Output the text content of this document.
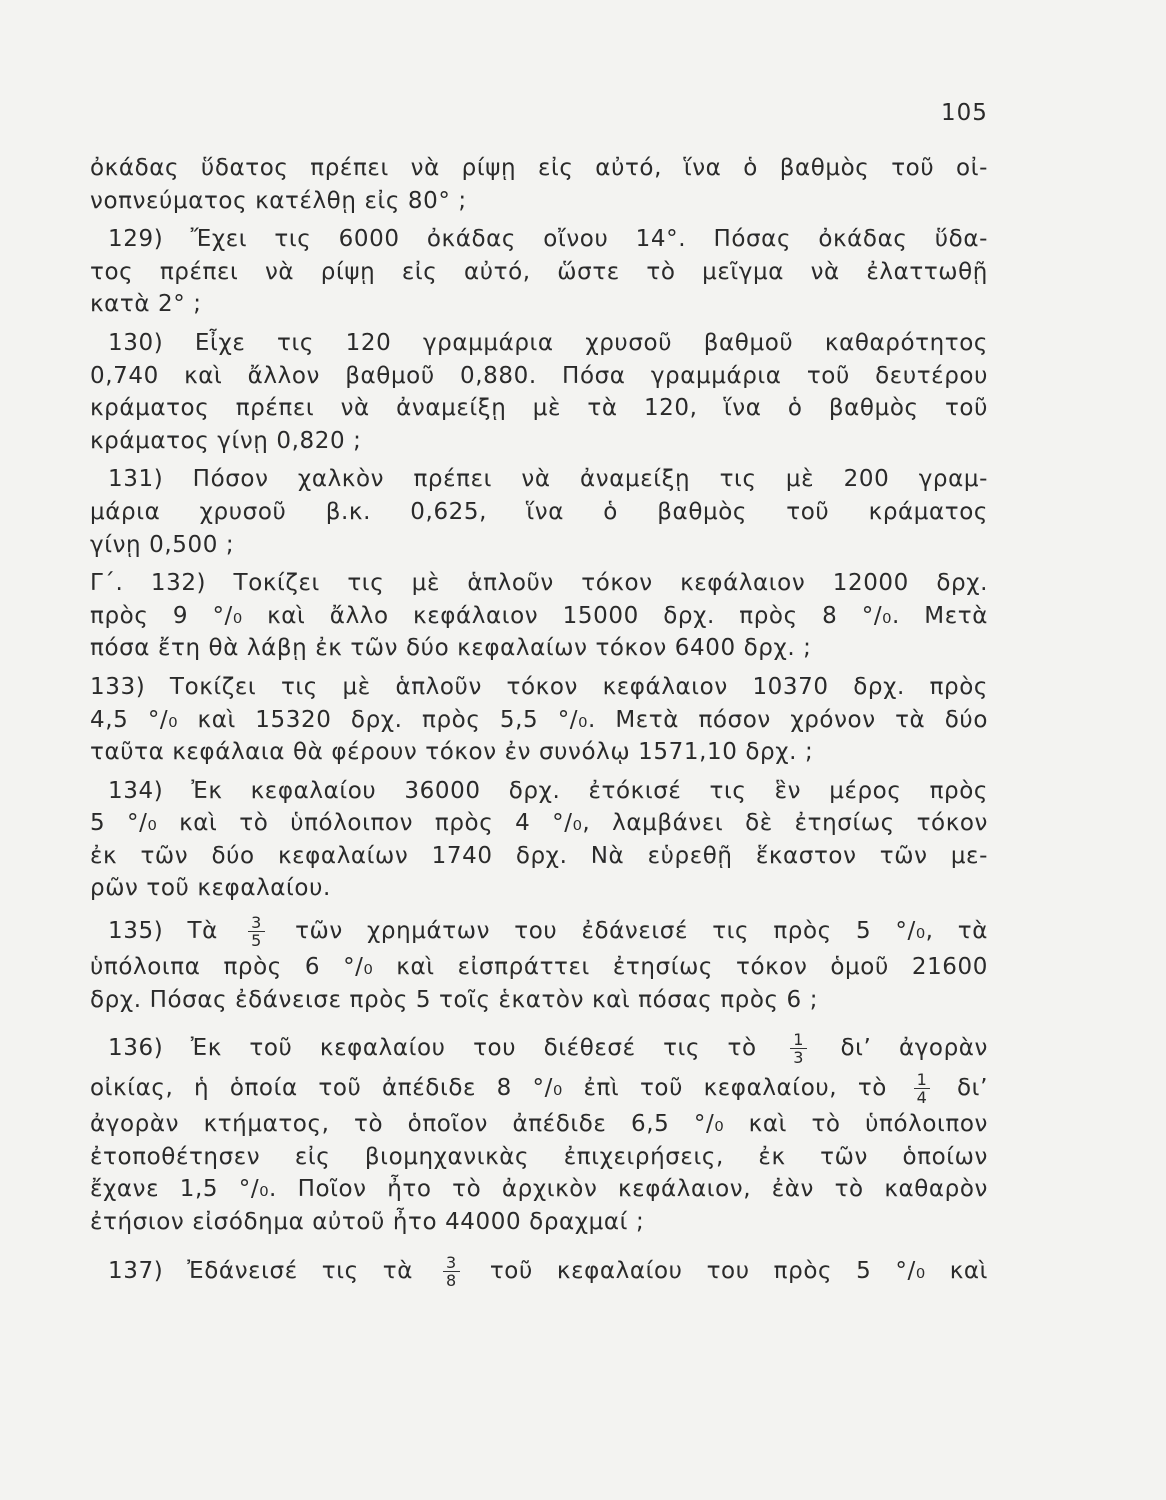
105
ὀκάδας ὕδατος πρέπει νὰ ρίψῃ εἰς αὐτό, ἵνα ὁ βαθμὸς τοῦ οἰ-
νοπνεύματος κατέλθῃ εἰς 80° ;
129) Ἔχει τις 6000 ὀκάδας οἴνου 14°. Πόσας ὀκάδας ὕδα-
τος πρέπει νὰ ρίψῃ εἰς αὐτό, ὥστε τὸ μεῖγμα νὰ ἐλαττωθῇ
κατὰ 2° ;
130) Εἶχε τις 120 γραμμάρια χρυσοῦ βαθμοῦ καθαρότητος
0,740 καὶ ἄλλον βαθμοῦ 0,880. Πόσα γραμμάρια τοῦ δευτέρου
κράματος πρέπει νὰ ἀναμείξῃ μὲ τὰ 120, ἵνα ὁ βαθμὸς τοῦ
κράματος γίνῃ 0,820 ;
131) Πόσον χαλκὸν πρέπει νὰ ἀναμείξῃ τις μὲ 200 γραμ-
μάρια χρυσοῦ β.κ. 0,625, ἵνα ὁ βαθμὸς τοῦ κράματος
γίνῃ 0,500 ;
Γ΄. 132) Τοκίζει τις μὲ ἁπλοῦν τόκον κεφάλαιον 12000 δρχ.
πρὸς 9 °/₀ καὶ ἄλλο κεφάλαιον 15000 δρχ. πρὸς 8 °/₀. Μετὰ
πόσα ἔτη θὰ λάβῃ ἐκ τῶν δύο κεφαλαίων τόκον 6400 δρχ. ;
133) Τοκίζει τις μὲ ἁπλοῦν τόκον κεφάλαιον 10370 δρχ. πρὸς
4,5 °/₀ καὶ 15320 δρχ. πρὸς 5,5 °/₀. Μετὰ πόσον χρόνον τὰ δύο
ταῦτα κεφάλαια θὰ φέρουν τόκον ἐν συνόλῳ 1571,10 δρχ. ;
134) Ἐκ κεφαλαίου 36000 δρχ. ἐτόκισέ τις ἓν μέρος πρὸς
5 °/₀ καὶ τὸ ὑπόλοιπον πρὸς 4 °/₀, λαμβάνει δὲ ἐτησίως τόκον
ἐκ τῶν δύο κεφαλαίων 1740 δρχ. Νὰ εὑρεθῇ ἕκαστον τῶν με-
ρῶν τοῦ κεφαλαίου.
135) Τὰ $\frac{3}{5}$ τῶν χρημάτων του ἐδάνεισέ τις πρὸς 5 °/₀, τὰ
ὑπόλοιπα πρὸς 6 °/₀ καὶ εἰσπράττει ἐτησίως τόκον ὁμοῦ 21600
δρχ. Πόσας ἐδάνεισε πρὸς 5 τοῖς ἑκατὸν καὶ πόσας πρὸς 6 ;
136) Ἐκ τοῦ κεφαλαίου του διέθεσέ τις τὸ $\frac{1}{3} \delta\iota$’ ἀγορὰν
οἰκίας, ἡ ὁποία τοῦ ἀπέδιδε 8 °/₀ ἐπὶ τοῦ κεφαλαίου, τὸ $\frac{1}{4} \delta\iota$’
ἀγορὰν κτήματος, τὸ ὁποῖον ἀπέδιδε 6,5 °/₀ καὶ τὸ ὑπόλοιπον
ἐτοποθέτησεν εἰς βιομηχανικὰς ἐπιχειρήσεις, ἐκ τῶν ὁποίων
ἔχανε 1,5 °/₀. Ποῖον ἦτο τὸ ἀρχικὸν κεφάλαιον, ἐὰν τὸ καθαρὸν
ἐτήσιον εἰσόδημα αὐτοῦ ἦτο 44000 δραχμαί ;
137) Ἐδάνεισέ τις τὰ $\frac{3}{8}$ τοῦ κεφαλαίου του πρὸς 5 °/₀ καὶ
